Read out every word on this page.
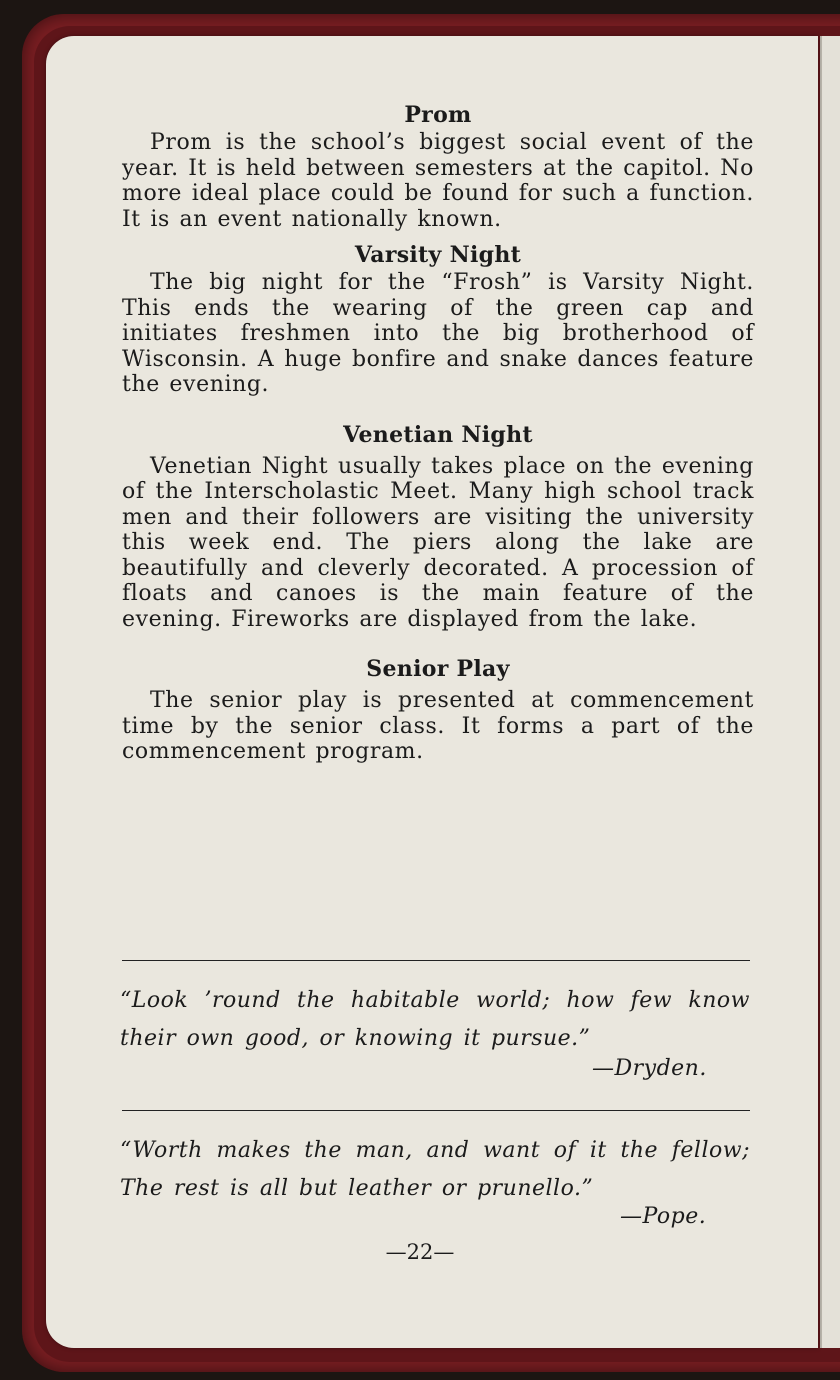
Prom

Prom is the school’s biggest social event of the year. It is held between semesters at the capitol. No more ideal place could be found for such a function. It is an event nationally known.

Varsity Night

The big night for the “Frosh” is Varsity Night. This ends the wearing of the green cap and initiates freshmen into the big brotherhood of Wisconsin. A huge bonfire and snake dances feature the evening.

Venetian Night

Venetian Night usually takes place on the evening of the Interscholastic Meet. Many high school track men and their followers are visiting the university this week end. The piers along the lake are beautifully and cleverly decorated. A procession of floats and canoes is the main feature of the evening. Fireworks are displayed from the lake.

Senior Play

The senior play is presented at commencement time by the senior class. It forms a part of the commencement program.

“Look ’round the habitable world; how few know their own good, or knowing it pursue.”
—Dryden.
“Worth makes the man, and want of it the fellow; The rest is all but leather or prunello.”
—Pope.
—22—
